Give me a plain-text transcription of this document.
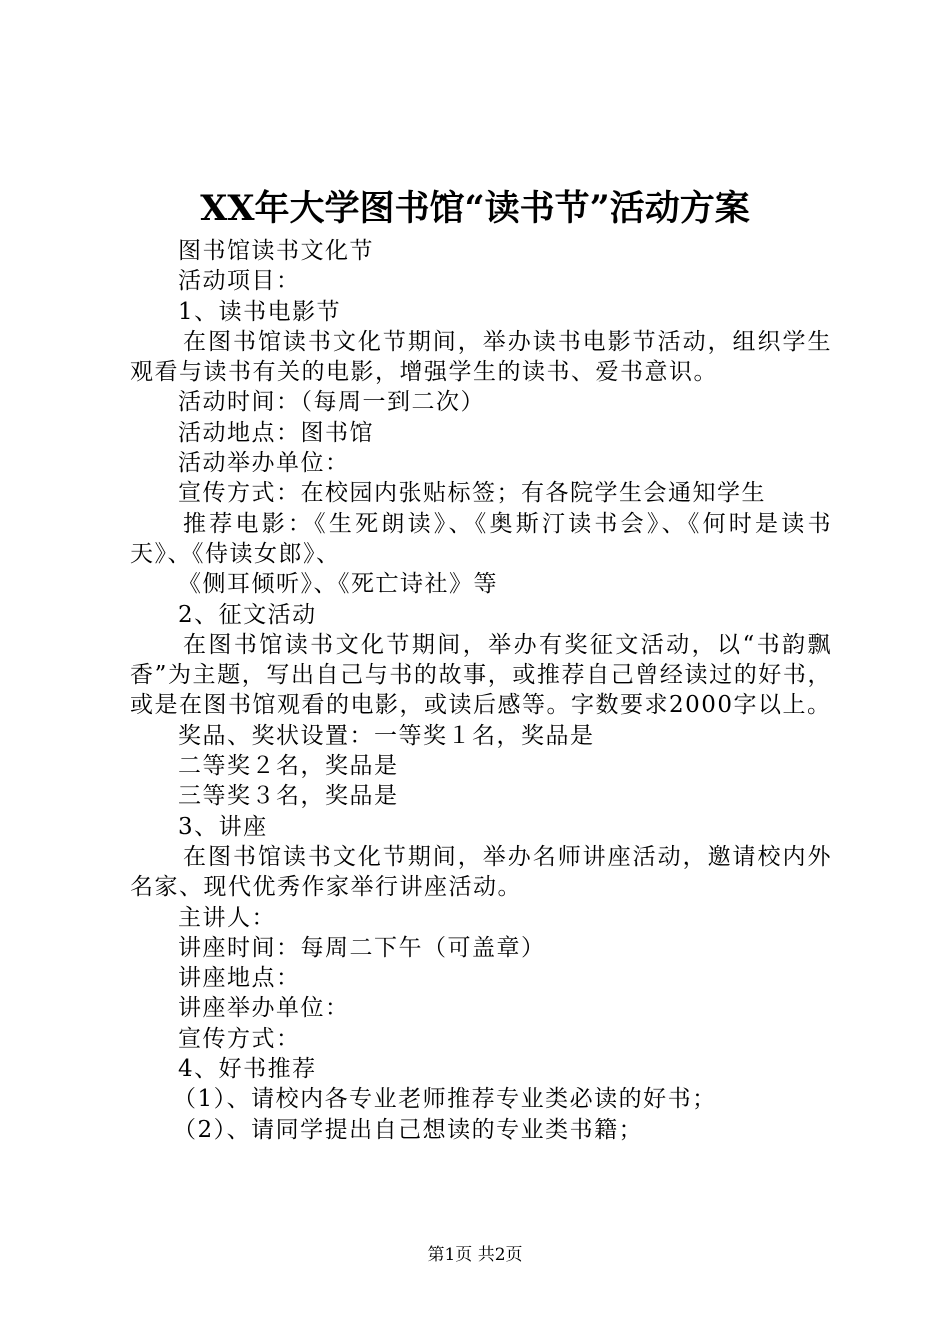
XX年大学图书馆“读书节”活动方案

图书馆读书文化节

活动项目：

1、读书电影节

在图书馆读书文化节期间，举办读书电影节活动，组织学生观看与读书有关的电影，增强学生的读书、爱书意识。

活动时间：（每周一到二次）

活动地点：图书馆

活动举办单位：

宣传方式：在校园内张贴标签；有各院学生会通知学生

推荐电影：《生死朗读》、《奥斯汀读书会》、《何时是读书天》、《侍读女郎》、

《侧耳倾听》、《死亡诗社》等

2、征文活动

在图书馆读书文化节期间，举办有奖征文活动，以“书韵飘香”为主题，写出自己与书的故事，或推荐自己曾经读过的好书，或是在图书馆观看的电影，或读后感等。字数要求2000字以上。

奖品、奖状设置：一等奖１名，奖品是

二等奖２名，奖品是

三等奖３名，奖品是

3、讲座

在图书馆读书文化节期间，举办名师讲座活动，邀请校内外名家、现代优秀作家举行讲座活动。

主讲人：

讲座时间：每周二下午（可盖章）

讲座地点：

讲座举办单位：

宣传方式：

4、好书推荐

（1）、请校内各专业老师推荐专业类必读的好书；

（2）、请同学提出自己想读的专业类书籍；

第1页 共2页
